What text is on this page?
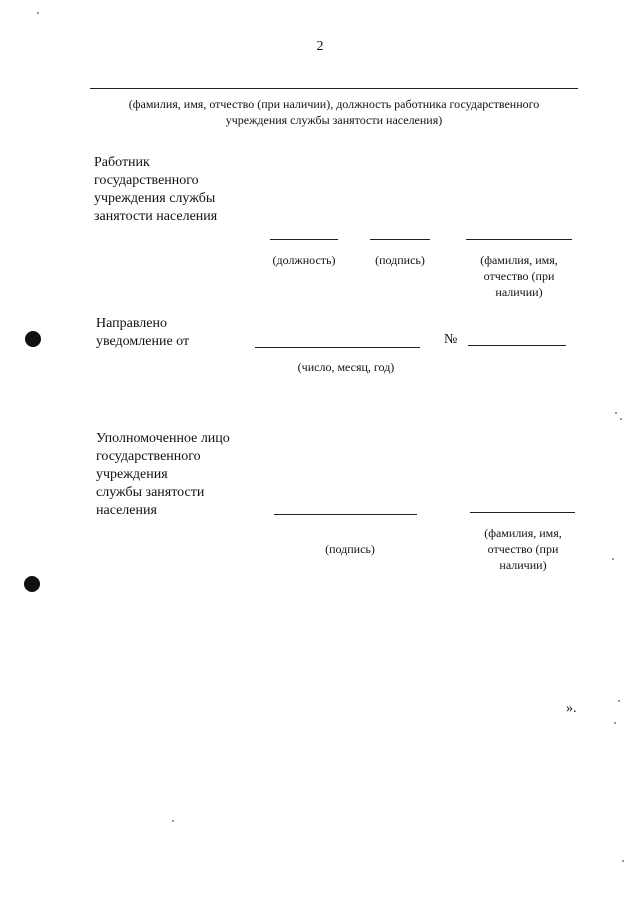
2
(фамилия, имя, отчество (при наличии), должность работника государственного
учреждения службы занятости населения)
Работник
государственного
учреждения службы
занятости населения
(должность)	(подпись)	(фамилия, имя,
отчество (при
наличии)
Направлено
уведомление от	№
(число, месяц, год)
Уполномоченное лицо
государственного
учреждения
службы занятости
населения
(подпись)
(фамилия, имя,
отчество (при
наличии)
».
